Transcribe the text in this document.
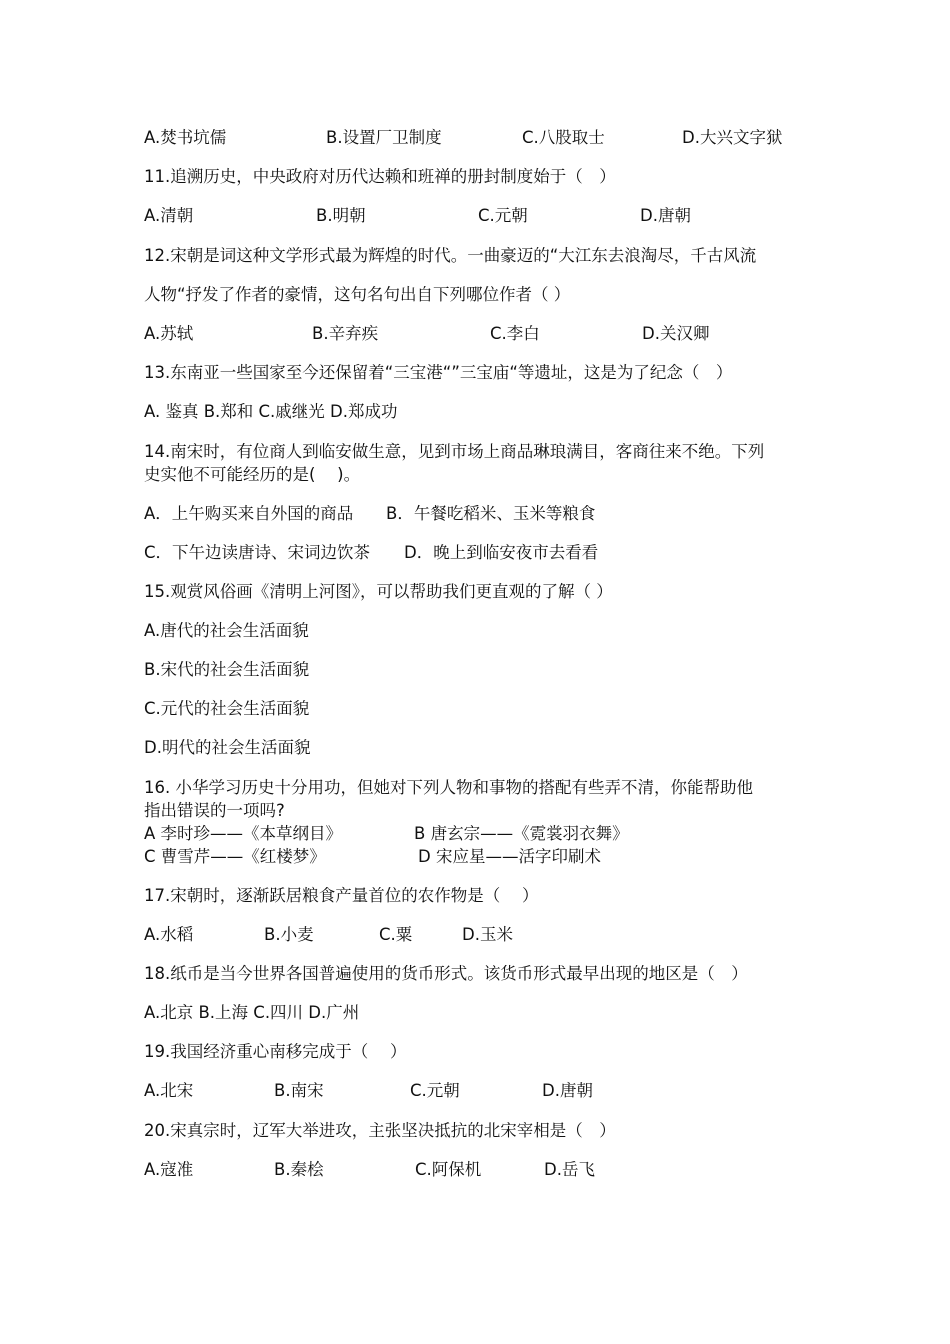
A.焚书坑儒	B.设置厂卫制度	C.八股取士	D.大兴文字狱
11.追溯历史，中央政府对历代达赖和班禅的册封制度始于（　）
A.清朝	B.明朝	C.元朝	D.唐朝
12.宋朝是词这种文学形式最为辉煌的时代。一曲豪迈的“大江东去浪淘尽，千古风流
人物“抒发了作者的豪情，这句名句出自下列哪位作者（ ）
A.苏轼	B.辛弃疾	C.李白	D.关汉卿
13.东南亚一些国家至今还保留着“三宝港“”三宝庙“等遗址，这是为了纪念（　）
A. 鉴真 B.郑和 C.戚继光 D.郑成功
14.南宋时，有位商人到临安做生意，见到市场上商品琳琅满目，客商往来不绝。下列
史实他不可能经历的是(　 )。
A．上午购买来自外国的商品 B．午餐吃稻米、玉米等粮食
C．下午边读唐诗、宋词边饮茶 D．晚上到临安夜市去看看
15.观赏风俗画《清明上河图》，可以帮助我们更直观的了解（ ）
A.唐代的社会生活面貌
B.宋代的社会生活面貌
C.元代的社会生活面貌
D.明代的社会生活面貌
16. 小华学习历史十分用功，但她对下列人物和事物的搭配有些弄不清，你能帮助他
指出错误的一项吗?
A 李时珍——《本草纲目》	B 唐玄宗——《霓裳羽衣舞》
C 曹雪芹——《红楼梦》	D 宋应星——活字印刷术
17.宋朝时，逐渐跃居粮食产量首位的农作物是（　 ）
A.水稻	B.小麦	C.粟	D.玉米
18.纸币是当今世界各国普遍使用的货币形式。该货币形式最早出现的地区是（　）
A.北京 B.上海 C.四川 D.广州
19.我国经济重心南移完成于（　 ）
A.北宋	B.南宋	C.元朝	D.唐朝
20.宋真宗时，辽军大举进攻，主张坚决抵抗的北宋宰相是（　）
A.寇准	B.秦桧	C.阿保机	D.岳飞
